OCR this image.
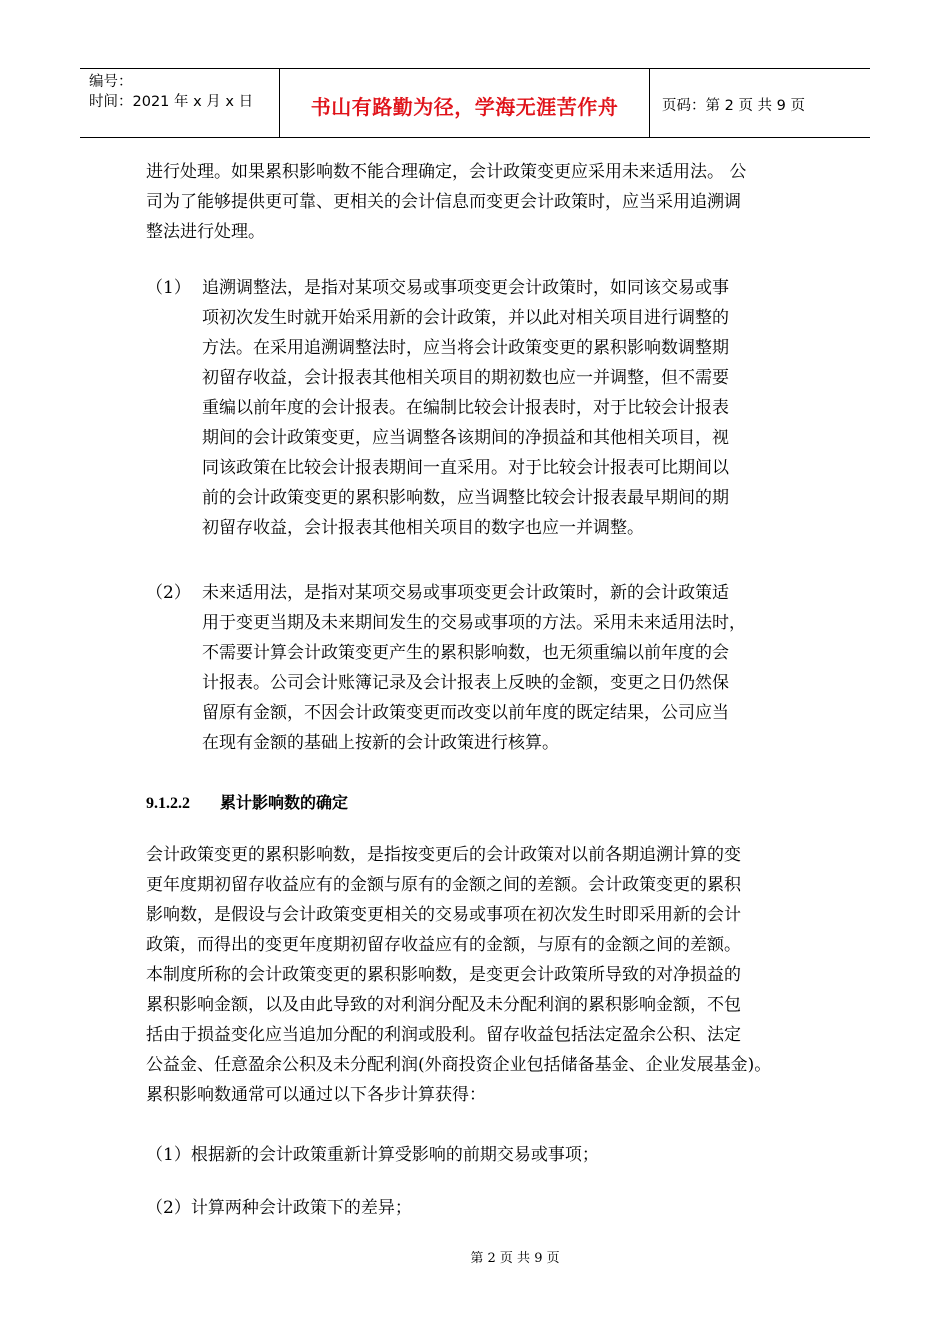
编号：
时间：2021 年 x 月 x 日	书山有路勤为径，学海无涯苦作舟	页码：第 2 页 共 9 页
进行处理。如果累积影响数不能合理确定，会计政策变更应采用未来适用法。 公
司为了能够提供更可靠、更相关的会计信息而变更会计政策时，应当采用追溯调
整法进行处理。
（1） 追溯调整法，是指对某项交易或事项变更会计政策时，如同该交易或事
项初次发生时就开始采用新的会计政策，并以此对相关项目进行调整的
方法。在采用追溯调整法时，应当将会计政策变更的累积影响数调整期
初留存收益，会计报表其他相关项目的期初数也应一并调整，但不需要
重编以前年度的会计报表。在编制比较会计报表时，对于比较会计报表
期间的会计政策变更，应当调整各该期间的净损益和其他相关项目，视
同该政策在比较会计报表期间一直采用。对于比较会计报表可比期间以
前的会计政策变更的累积影响数，应当调整比较会计报表最早期间的期
初留存收益，会计报表其他相关项目的数字也应一并调整。
（2） 未来适用法，是指对某项交易或事项变更会计政策时，新的会计政策适
用于变更当期及未来期间发生的交易或事项的方法。采用未来适用法时，
不需要计算会计政策变更产生的累积影响数，也无须重编以前年度的会
计报表。公司会计账簿记录及会计报表上反映的金额，变更之日仍然保
留原有金额，不因会计政策变更而改变以前年度的既定结果，公司应当
在现有金额的基础上按新的会计政策进行核算。
9.1.2.2 累计影响数的确定
会计政策变更的累积影响数，是指按变更后的会计政策对以前各期追溯计算的变
更年度期初留存收益应有的金额与原有的金额之间的差额。会计政策变更的累积
影响数，是假设与会计政策变更相关的交易或事项在初次发生时即采用新的会计
政策，而得出的变更年度期初留存收益应有的金额，与原有的金额之间的差额。
本制度所称的会计政策变更的累积影响数，是变更会计政策所导致的对净损益的
累积影响金额，以及由此导致的对利润分配及未分配利润的累积影响金额，不包
括由于损益变化应当追加分配的利润或股利。留存收益包括法定盈余公积、法定
公益金、任意盈余公积及未分配利润(外商投资企业包括储备基金、企业发展基金)。
累积影响数通常可以通过以下各步计算获得：
（1）根据新的会计政策重新计算受影响的前期交易或事项；
（2）计算两种会计政策下的差异；
第 2 页 共 9 页
